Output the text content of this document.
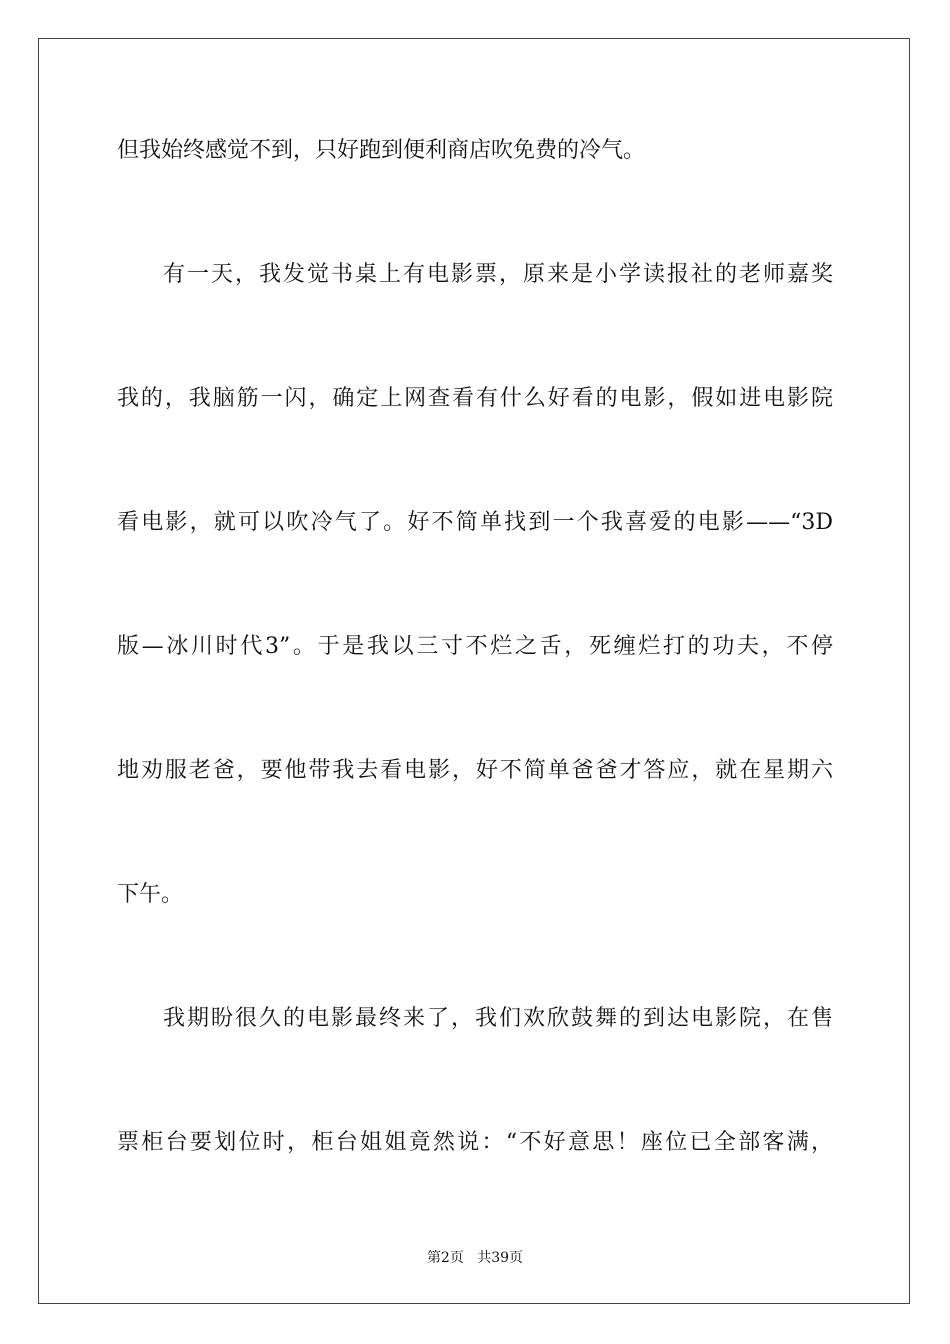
但我始终感觉不到，只好跑到便利商店吹免费的冷气。
有一天，我发觉书桌上有电影票，原来是小学读报社的老师嘉奖
我的，我脑筋一闪，确定上网查看有什么好看的电影，假如进电影院
看电影，就可以吹冷气了。好不简单找到一个我喜爱的电影——“3D
版—冰川时代3”。于是我以三寸不烂之舌，死缠烂打的功夫，不停
地劝服老爸，要他带我去看电影，好不简单爸爸才答应，就在星期六
下午。
我期盼很久的电影最终来了，我们欢欣鼓舞的到达电影院，在售
票柜台要划位时，柜台姐姐竟然说：“不好意思！座位已全部客满，
第2页 共39页
